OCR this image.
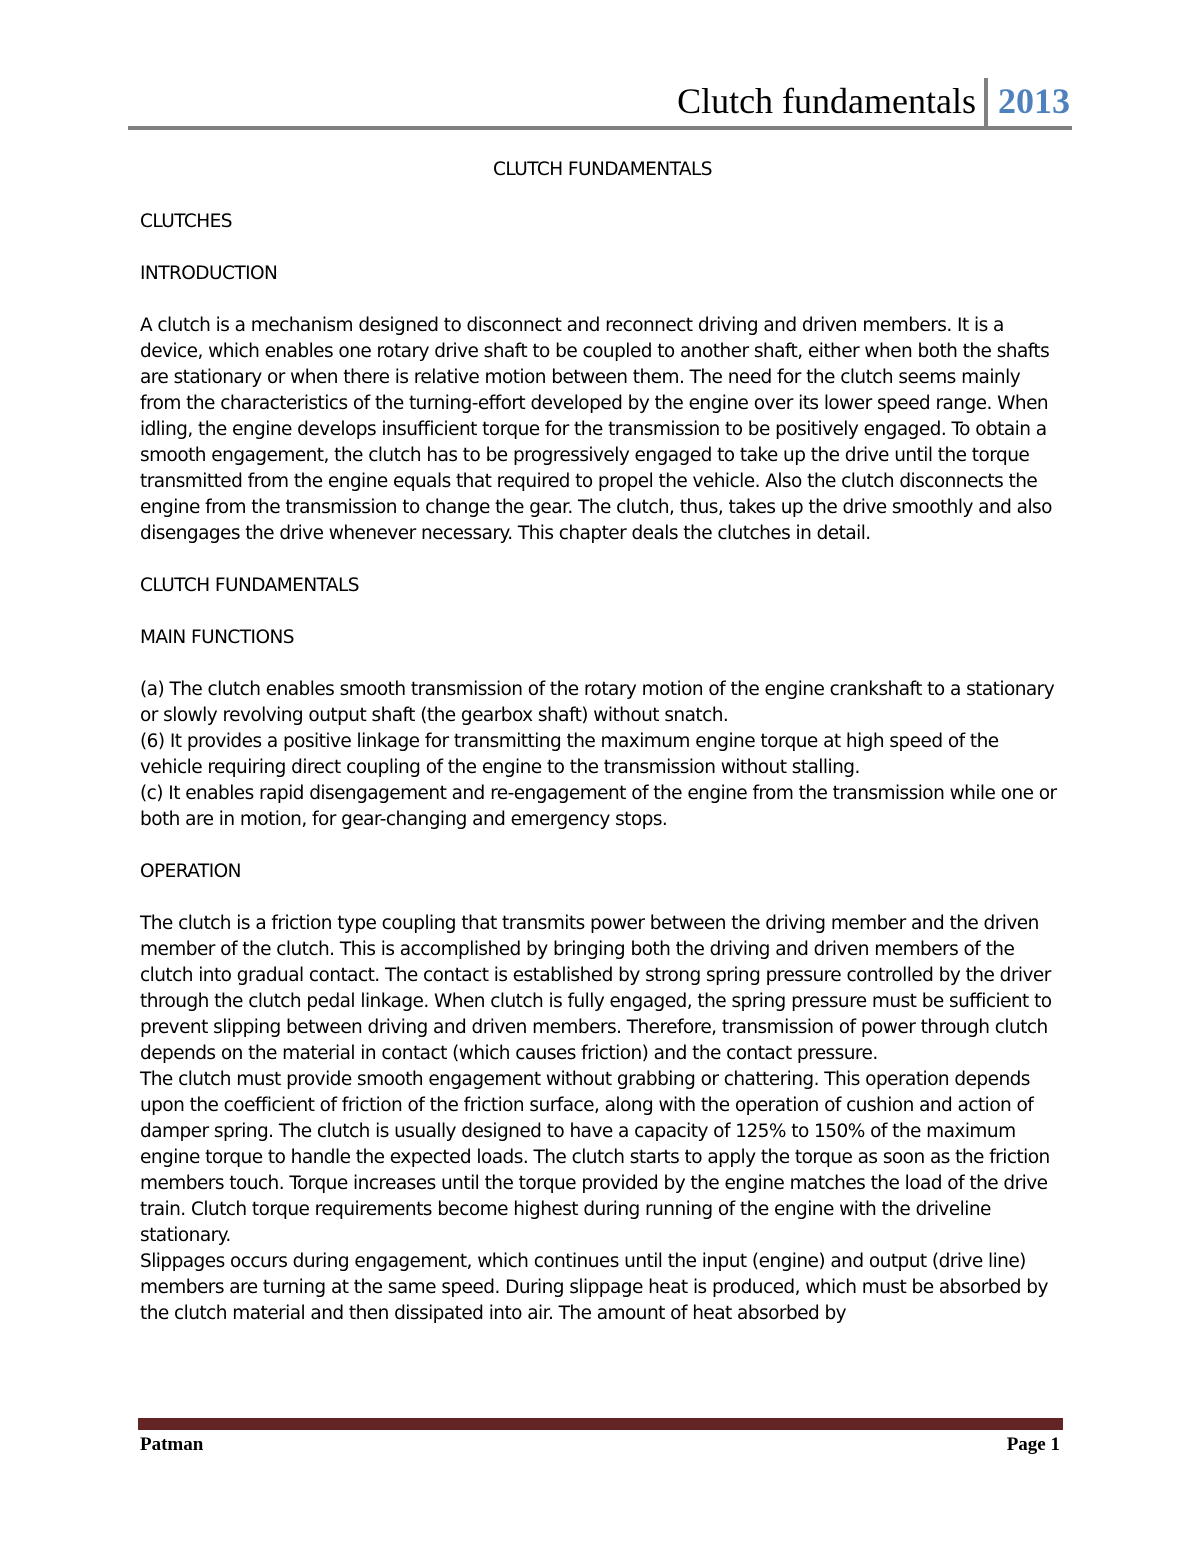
Clutch fundamentals 2013

CLUTCH FUNDAMENTALS

CLUTCHES

INTRODUCTION

A clutch is a mechanism designed to disconnect and reconnect driving and driven members. It is a device, which enables one rotary drive shaft to be coupled to another shaft, either when both the shafts are stationary or when there is relative motion between them. The need for the clutch seems mainly from the characteristics of the turning-effort developed by the engine over its lower speed range. When idling, the engine develops insufficient torque for the transmission to be positively engaged. To obtain a smooth engagement, the clutch has to be progressively engaged to take up the drive until the torque transmitted from the engine equals that required to propel the vehicle. Also the clutch disconnects the engine from the transmission to change the gear. The clutch, thus, takes up the drive smoothly and also disengages the drive whenever necessary. This chapter deals the clutches in detail.

CLUTCH FUNDAMENTALS

MAIN FUNCTIONS

(a) The clutch enables smooth transmission of the rotary motion of the engine crankshaft to a stationary or slowly revolving output shaft (the gearbox shaft) without snatch.

(6) It provides a positive linkage for transmitting the maximum engine torque at high speed of the vehicle requiring direct coupling of the engine to the transmission without stalling.

(c) It enables rapid disengagement and re-engagement of the engine from the transmission while one or both are in motion, for gear-changing and emergency stops.

OPERATION

The clutch is a friction type coupling that transmits power between the driving member and the driven member of the clutch. This is accomplished by bringing both the driving and driven members of the clutch into gradual contact. The contact is established by strong spring pressure controlled by the driver through the clutch pedal linkage. When clutch is fully engaged, the spring pressure must be sufficient to prevent slipping between driving and driven members. Therefore, transmission of power through clutch depends on the material in contact (which causes friction) and the contact pressure.

The clutch must provide smooth engagement without grabbing or chattering. This operation depends upon the coefficient of friction of the friction surface, along with the operation of cushion and action of damper spring. The clutch is usually designed to have a capacity of 125% to 150% of the maximum engine torque to handle the expected loads. The clutch starts to apply the torque as soon as the friction members touch. Torque increases until the torque provided by the engine matches the load of the drive train. Clutch torque requirements become highest during running of the engine with the driveline stationary.

Slippages occurs during engagement, which continues until the input (engine) and output (drive line) members are turning at the same speed. During slippage heat is produced, which must be absorbed by the clutch material and then dissipated into air. The amount of heat absorbed by

Patman	Page 1
